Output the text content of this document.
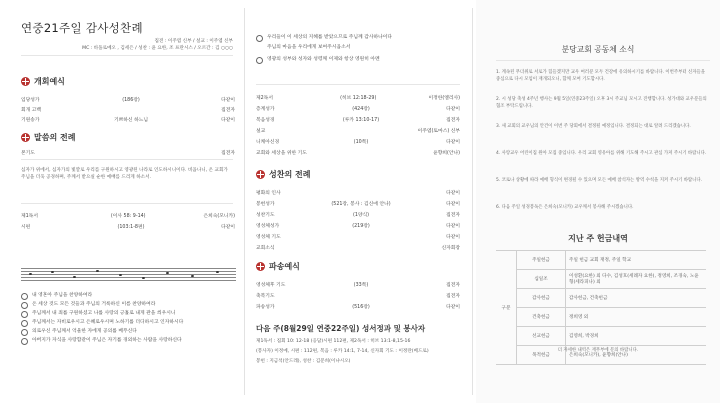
연중21주일 감사성찬례
집전 : 이주엽 신부 / 설교 : 이주엽 신부
MC : 바돌로메오 , 김세은 / 성찬 : 윤 요한, 조 프란시스 / 오르간 : 김 ○○○
개회예식
입당성가	(186장)	다같이
회개 고백	집전자
기원송가	기쁘하신 하느님	다같이
말씀의 전례
본기도	집전자
십자가 위에서, 십자가의 빛깔로 우리를 구원하시고 영광된 나라로 인도하시니이다. 비옵나니, 온 교회가 주님을 더욱 공경하며, 주께서 받으실 순한 예배를 드리게 하소서.
제1독서	(이사 58: 9-14)	은희숙(모니카)
시편	(103:1-8편)	다같이
내 영혼아 주님을 찬양하여라
온 세상 것도 모든 것들과 주님의 거룩하신 이름 찬양하여라
주님께서 내 죄를 구원하셨고 나를 사랑의 긍휼로 내게 관을 씌우시니
주님께서는 자비로우시고 은혜로우시며 노하기를 더디하시고 인자하시다
의로우신 주님께서 억울한 자에게 공의를 베푸신다
아버지가 자식을 사랑함같이 주님은 자기를 경외하는 사람을 사랑하신다
우리들이 이 세상의 지혜를 받았으므로 주님께 감사하나이다
주님의 마음을 우리에게 보여주시옵소서
영광의 성부와 성자와 성령께 이제와 항상 영원히 아멘
제2독서	(히브 12:18-29)	이정한(엘리사)
층계성가	(424장)	다같이
복음성경	(루카 13:10-17)	집전자
설교	이주엽(토마스) 신부
니케아신경	(10쪽)	다같이
교회와 세상을 위한 기도	윤향희(안나)
성찬의 전례
평화의 인사	다같이
봉헌성가	(521장, 봉사 : 김신애 안나)	다같이
성찬기도	(1양식)	집전자
영성체성가	(219장)	다같이
영성체 기도	다같이
교회소식	신자회장
파송예식
영성체후 기도	(33쪽)	집전자
축복기도	집전자
파송성가	(516장)	다같이
다음 주(8월29일 연중22주일) 성서정과 및 봉사자
제1독서 : 집회 10: 12-18 (응답)시편 112편, 제2독서 : 히브 13:1-8,15-16
(봉사자) 이정예, 시편 : 112편, 복음 : 루카 14:1, 7-14, 신자회 기도 : 이정란(베드로)
봉헌 : 지금석(안드레), 성찬 : 김문희(이냐시오)
분당교회 공동체 소식
1. 계속된 무더위로 서로가 힘들겠지만 교우 여러분 모두 건강에 유의하시기를 바랍니다. 이번주부터 신자들을 중심으로 다시 모임이 재개되오니, 함께 모여 기도합시다.
2. 시 성당 축성 4주년 행사는 9월 5일(연중23주일) 오후 3시 주교님 모시고 진행합니다. 성가대와 교우분들의 협조 부탁드립니다.
3. 새 교회의 교우님의 안건이 이번 주 당회에서 결정될 예정입니다. 결정되는 대로 알려 드리겠습니다.
4. 사랑교우 어린이집 원아 모집 중입니다. 우리 교회 영유아를 위해 기도해 주시고 관심 가져 주시기 바랍니다.
5. 코로나 상황에 따라 예배 형식이 변경될 수 있으며 모든 예배 참석자는 방역 수칙을 지켜 주시기 바랍니다.
6. 다음 주일 성경봉독은 은희숙(모니카) 교우께서 봉사해 주시겠습니다.
지난 주 헌금내역
구분	주일헌금	주일 헌금 교회 재정, 주일 학교
	십일조	이성환(요한) 외 다수, 김성호(세례자 요한), 정영희, 조경숙, 노윤형(세라피나) 외
	감사헌금	감사헌금, 건축헌금
	건축헌금	정희영 외
	선교헌금	김영희, 박경희
	목적헌금	은희숙(모니카), 윤향희(안나)
더 자세한 내역은 재무부에 문의 바랍니다.
